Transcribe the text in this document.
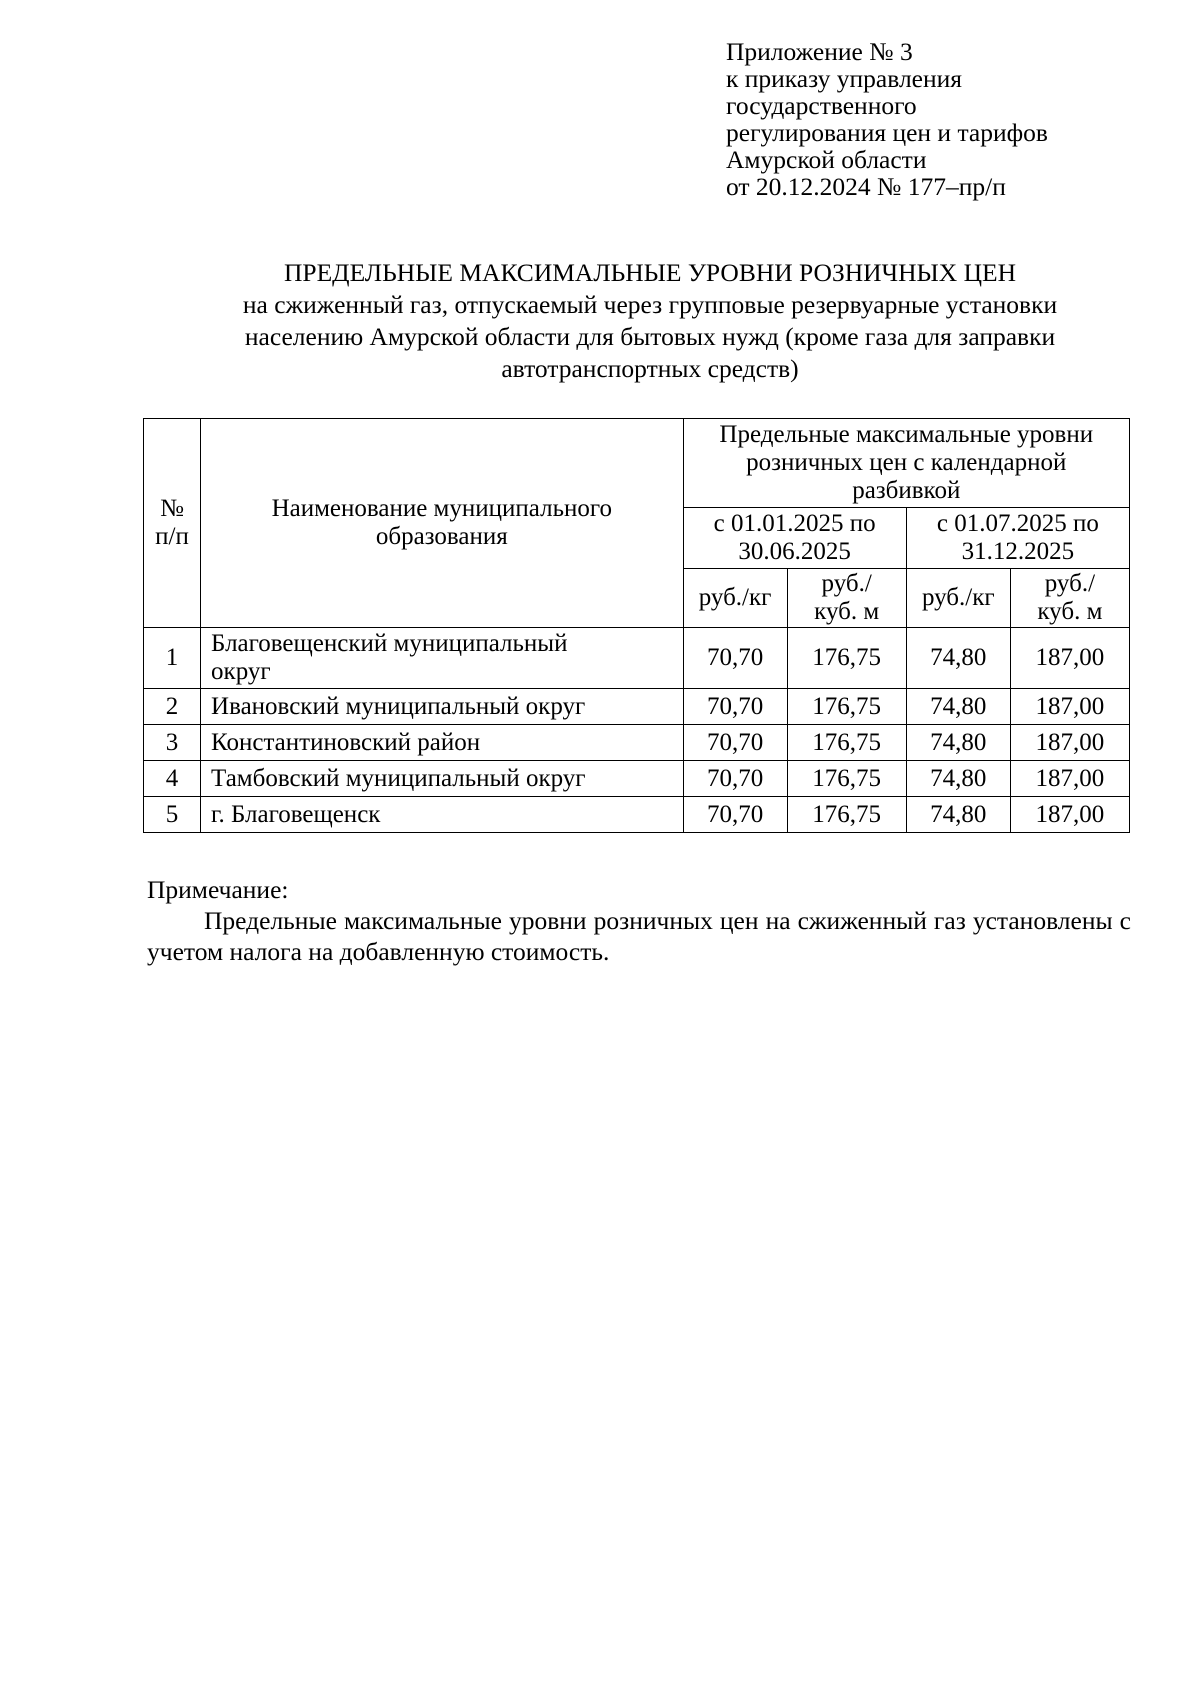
Приложение № 3
к приказу управления
государственного
регулирования цен и тарифов
Амурской области
от 20.12.2024 № 177–пр/п
ПРЕДЕЛЬНЫЕ МАКСИМАЛЬНЫЕ УРОВНИ РОЗНИЧНЫХ ЦЕН
на сжиженный газ, отпускаемый через групповые резервуарные установки
населению Амурской области для бытовых нужд (кроме газа для заправки
автотранспортных средств)
№ п/п	Наименование муниципального образования	Предельные максимальные уровни розничных цен с календарной разбивкой			
		с 01.01.2025 по 30.06.2025		с 01.07.2025 по 31.12.2025	
		руб./кг	руб./ куб. м	руб./кг	руб./ куб. м
1	Благовещенский муниципальный округ	70,70	176,75	74,80	187,00
2	Ивановский муниципальный округ	70,70	176,75	74,80	187,00
3	Константиновский район	70,70	176,75	74,80	187,00
4	Тамбовский муниципальный округ	70,70	176,75	74,80	187,00
5	г. Благовещенск	70,70	176,75	74,80	187,00
Примечание:
Предельные максимальные уровни розничных цен на сжиженный газ установлены с учетом налога на добавленную стоимость.
